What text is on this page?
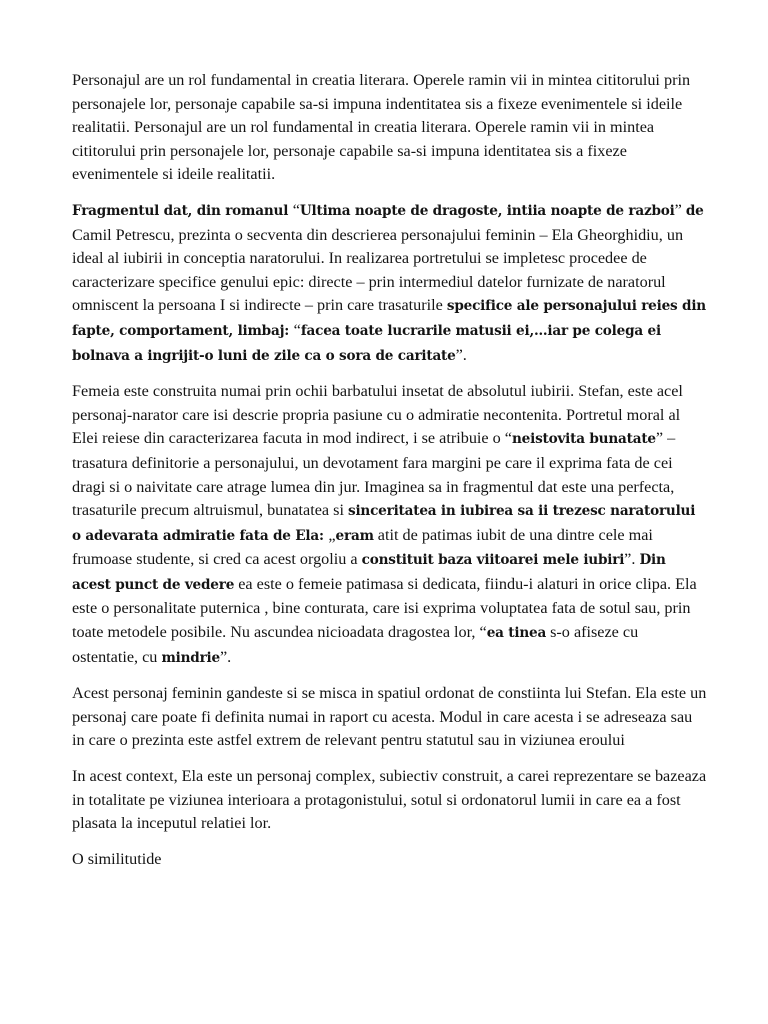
Personajul are un rol fundamental in creatia literara. Operele ramin vii in mintea cititorului prin personajele lor, personaje capabile sa-si impuna indentitatea sis a fixeze evenimentele si ideile realitatii. Personajul are un rol fundamental in creatia literara. Operele ramin vii in mintea cititorului prin personajele lor, personaje capabile sa-si impuna identitatea sis a fixeze evenimentele si ideile realitatii.

Fragmentul dat, din romanul “Ultima noapte de dragoste, intiia noapte de razboi” de Camil Petrescu, prezinta o secventa din descrierea personajului feminin – Ela Gheorghidiu, un ideal al iubirii in conceptia naratorului. In realizarea portretului se impletesc procedee de caracterizare specifice genului epic: directe – prin intermediul datelor furnizate de naratorul omniscent la persoana I si indirecte – prin care trasaturile specifice ale personajului reies din fapte, comportament, limbaj: “facea toate lucrarile matusii ei,…iar pe colega ei bolnava a ingrijit-o luni de zile ca o sora de caritate”.

Femeia este construita numai prin ochii barbatului insetat de absolutul iubirii. Stefan, este acel personaj-narator care isi descrie propria pasiune cu o admiratie necontenita. Portretul moral al Elei reiese din caracterizarea facuta in mod indirect, i se atribuie o “neistovita bunatate” – trasatura definitorie a personajului, un devotament fara margini pe care il exprima fata de cei dragi si o naivitate care atrage lumea din jur. Imaginea sa in fragmentul dat este una perfecta, trasaturile precum altruismul, bunatatea si sinceritatea in iubirea sa ii trezesc naratorului o adevarata admiratie fata de Ela: „eram atit de patimas iubit de una dintre cele mai frumoase studente, si cred ca acest orgoliu a constituit baza viitoarei mele iubiri”. Din acest punct de vedere ea este o femeie patimasa si dedicata, fiindu-i alaturi in orice clipa. Ela este o personalitate puternica , bine conturata, care isi exprima voluptatea fata de sotul sau, prin toate metodele posibile. Nu ascundea nicioadata dragostea lor, “ea tinea s-o afiseze cu ostentatie, cu mindrie”.

Acest personaj feminin gandeste si se misca in spatiul ordonat de constiinta lui Stefan. Ela este un personaj care poate fi definita numai in raport cu acesta. Modul in care acesta i se adreseaza sau in care o prezinta este astfel extrem de relevant pentru statutul sau in viziunea eroului

In acest context, Ela este un personaj complex, subiectiv construit, a carei reprezentare se bazeaza in totalitate pe viziunea interioara a protagonistului, sotul si ordonatorul lumii in care ea a fost plasata la inceputul relatiei lor.

O similitutide
